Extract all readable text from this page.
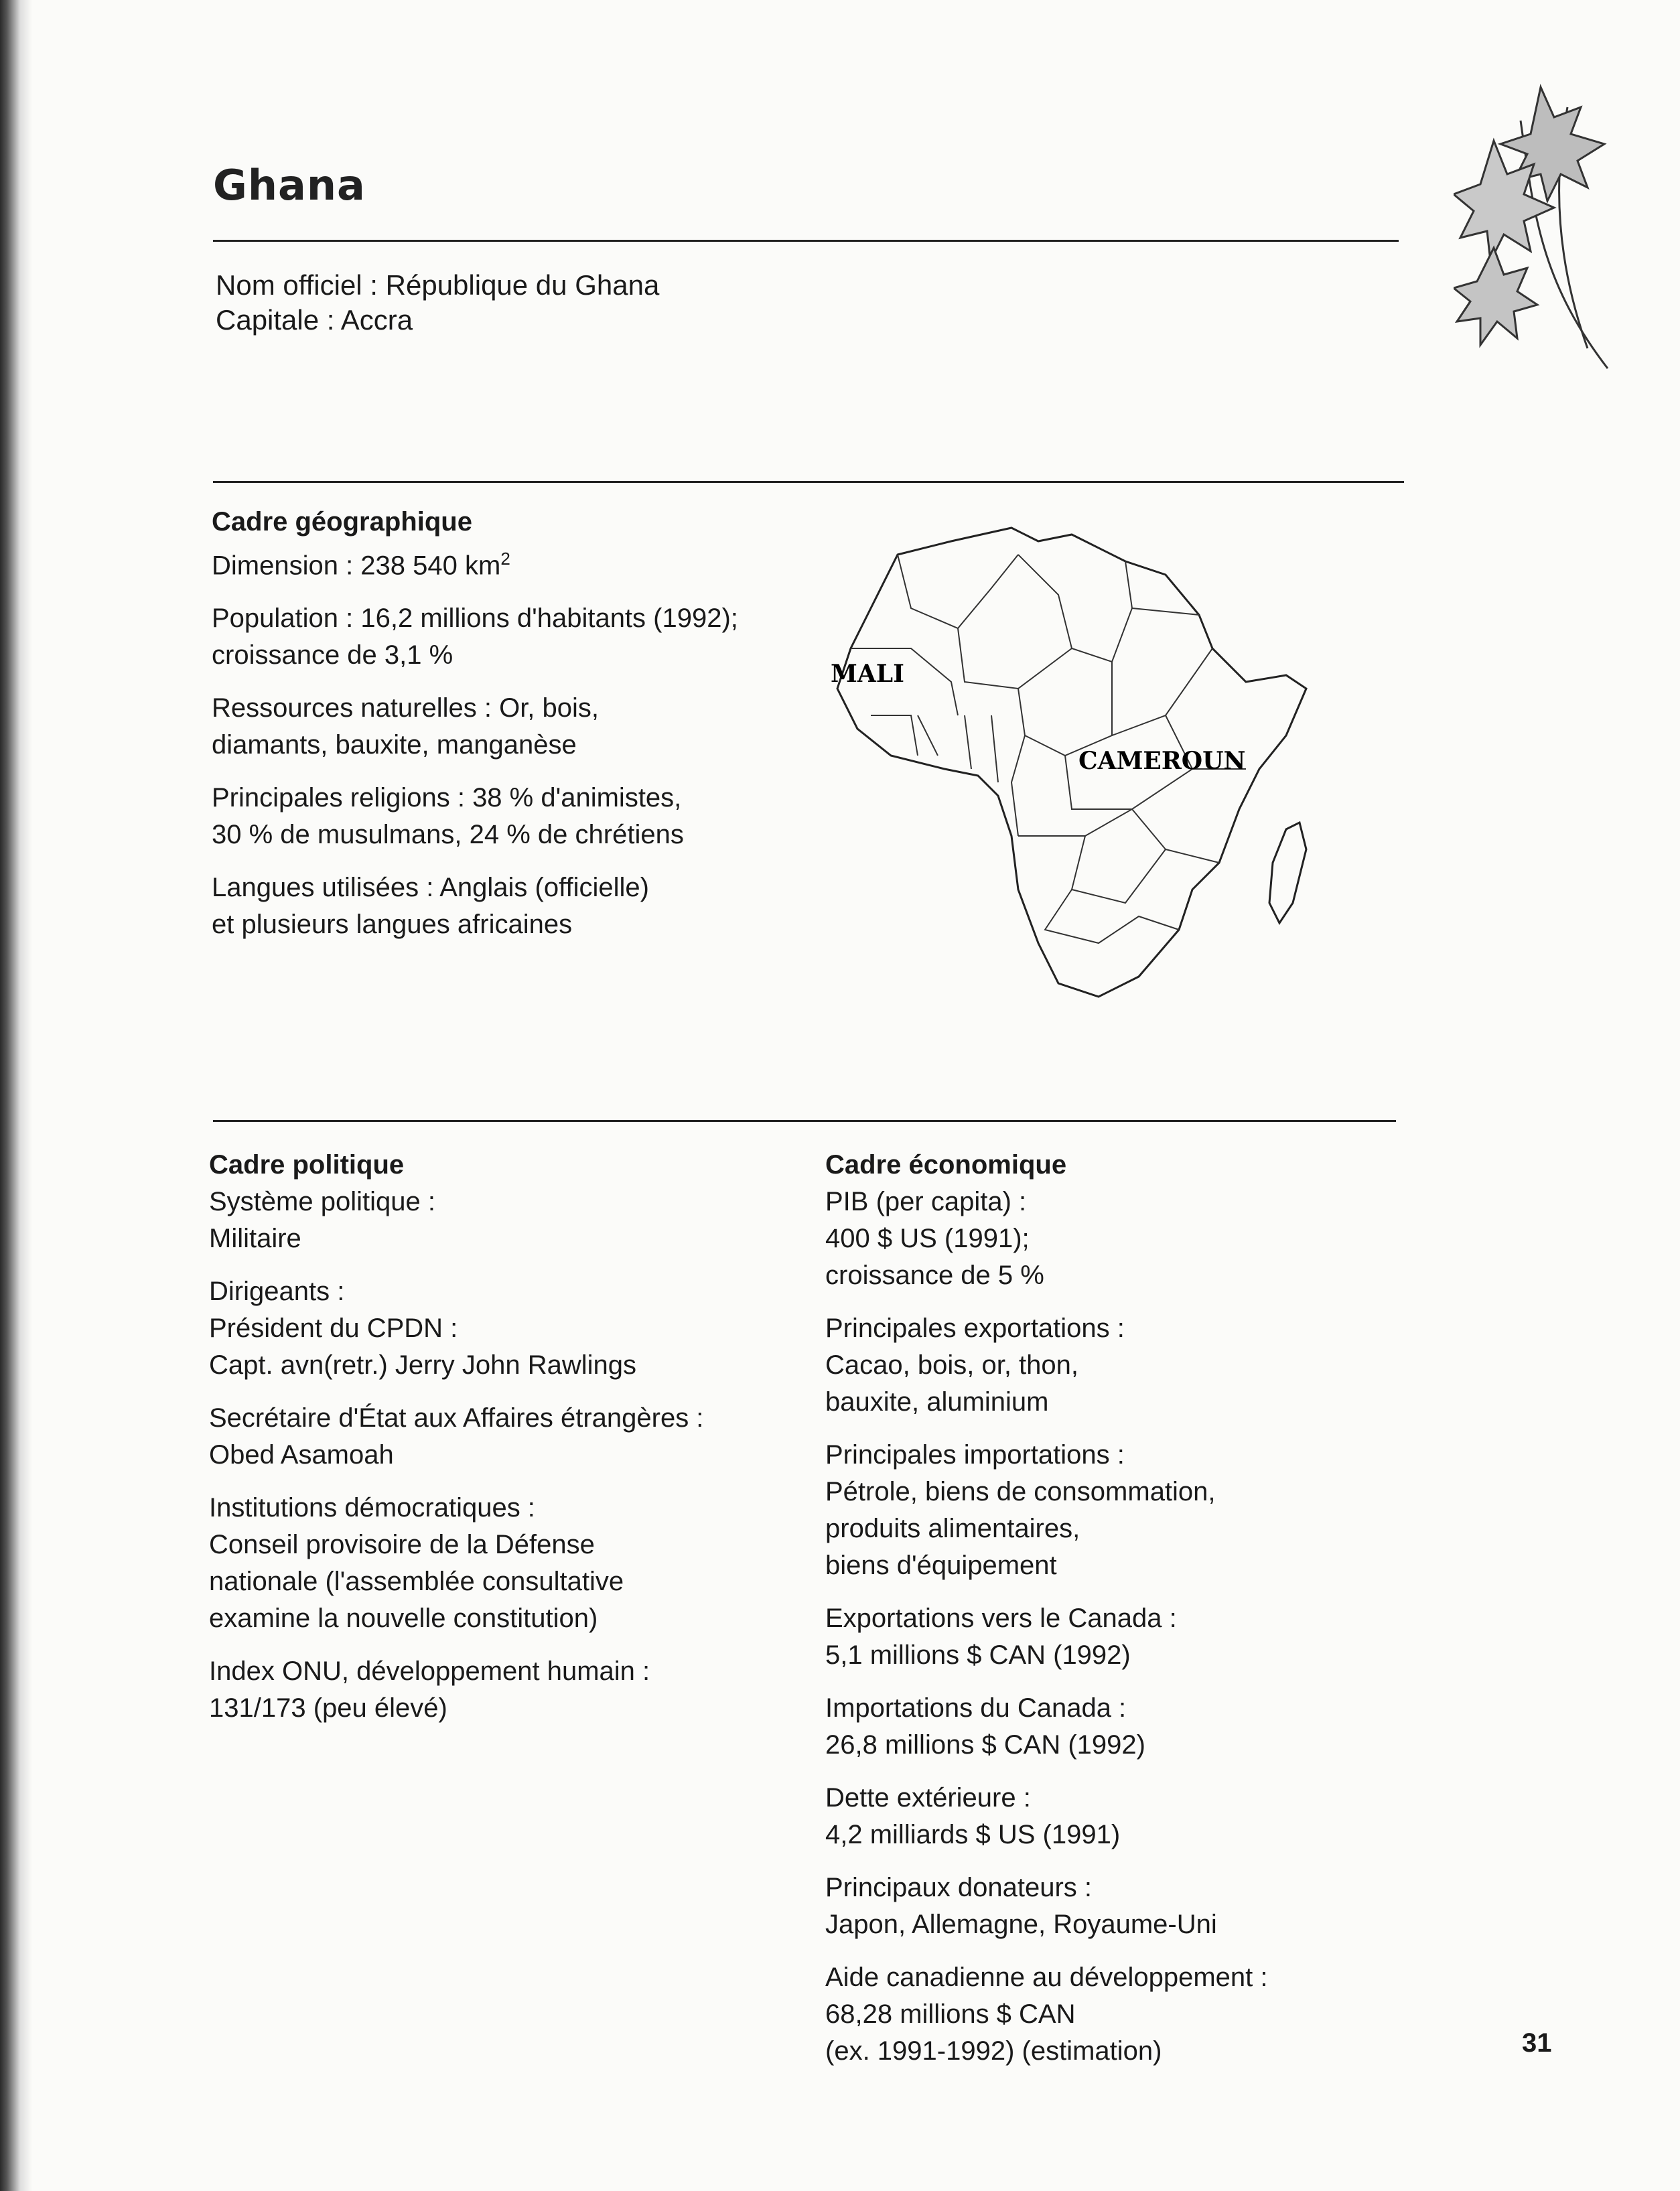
Ghana
Nom officiel : République du Ghana
Capitale : Accra
Cadre géographique
Dimension : 238 540 $km^2$
Population : 16,2 millions d'habitants (1992);
croissance de 3,1 %
Ressources naturelles : Or, bois,
diamants, bauxite, manganèse
Principales religions : 38 % d'animistes,
30 % de musulmans, 24 % de chrétiens
Langues utilisées : Anglais (officielle)
et plusieurs langues africaines
MALI
CAMEROUN
Cadre politique
Système politique :
Militaire
Dirigeants :
Président du CPDN :
Capt. avn(retr.) Jerry John Rawlings
Secrétaire d'État aux Affaires étrangères :
Obed Asamoah
Institutions démocratiques :
Conseil provisoire de la Défense
nationale (l'assemblée consultative
examine la nouvelle constitution)
Index ONU, développement humain :
131/173 (peu élevé)
Cadre économique
PIB (per capita) :
400 $ US (1991);
croissance de 5 %
Principales exportations :
Cacao, bois, or, thon,
bauxite, aluminium
Principales importations :
Pétrole, biens de consommation,
produits alimentaires,
biens d'équipement
Exportations vers le Canada :
5,1 millions $ CAN (1992)
Importations du Canada :
26,8 millions $ CAN (1992)
Dette extérieure :
4,2 milliards $ US (1991)
Principaux donateurs :
Japon, Allemagne, Royaume-Uni
Aide canadienne au développement :
68,28 millions $ CAN
(ex. 1991-1992) (estimation)	31
